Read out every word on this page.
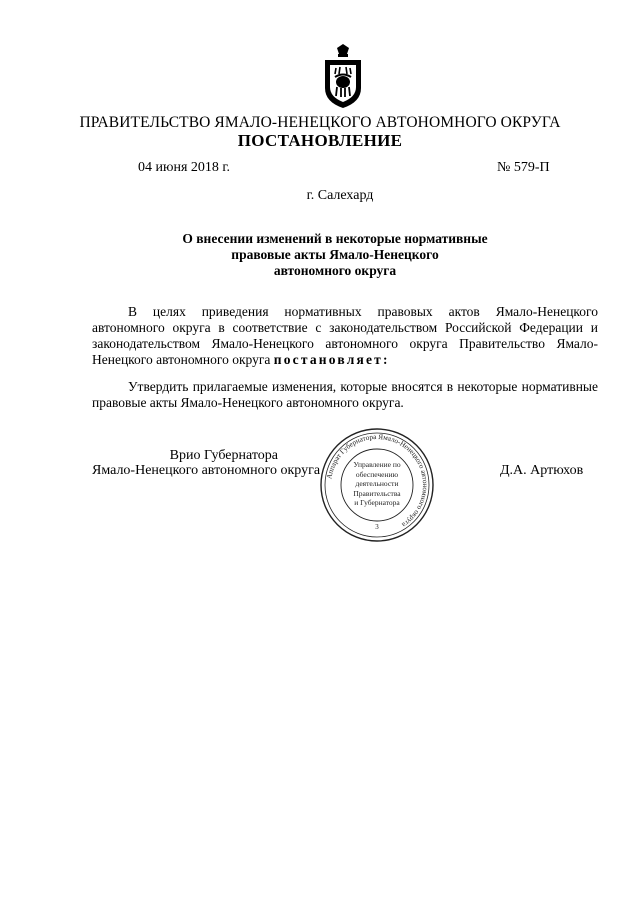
ПРАВИТЕЛЬСТВО ЯМАЛО-НЕНЕЦКОГО АВТОНОМНОГО ОКРУГА
ПОСТАНОВЛЕНИЕ
04 июня 2018 г.	№ 579-П
г. Салехард
О внесении изменений в некоторые нормативные
правовые акты Ямало-Ненецкого
автономного округа
В целях приведения нормативных правовых актов Ямало-Ненецкого автономного округа в соответствие с законодательством Российской Федерации и законодательством Ямало-Ненецкого автономного округа Правительство Ямало-Ненецкого автономного округа постановляет:
Утвердить прилагаемые изменения, которые вносятся в некоторые нормативные правовые акты Ямало-Ненецкого автономного округа.
Врио Губернатора
Ямало-Ненецкого автономного округа	Д.А. Артюхов
Аппарат Губернатора Ямало-Ненецкого автономного округа
3
Управление по
обеспечению
деятельности
Правительства
и Губернатора
